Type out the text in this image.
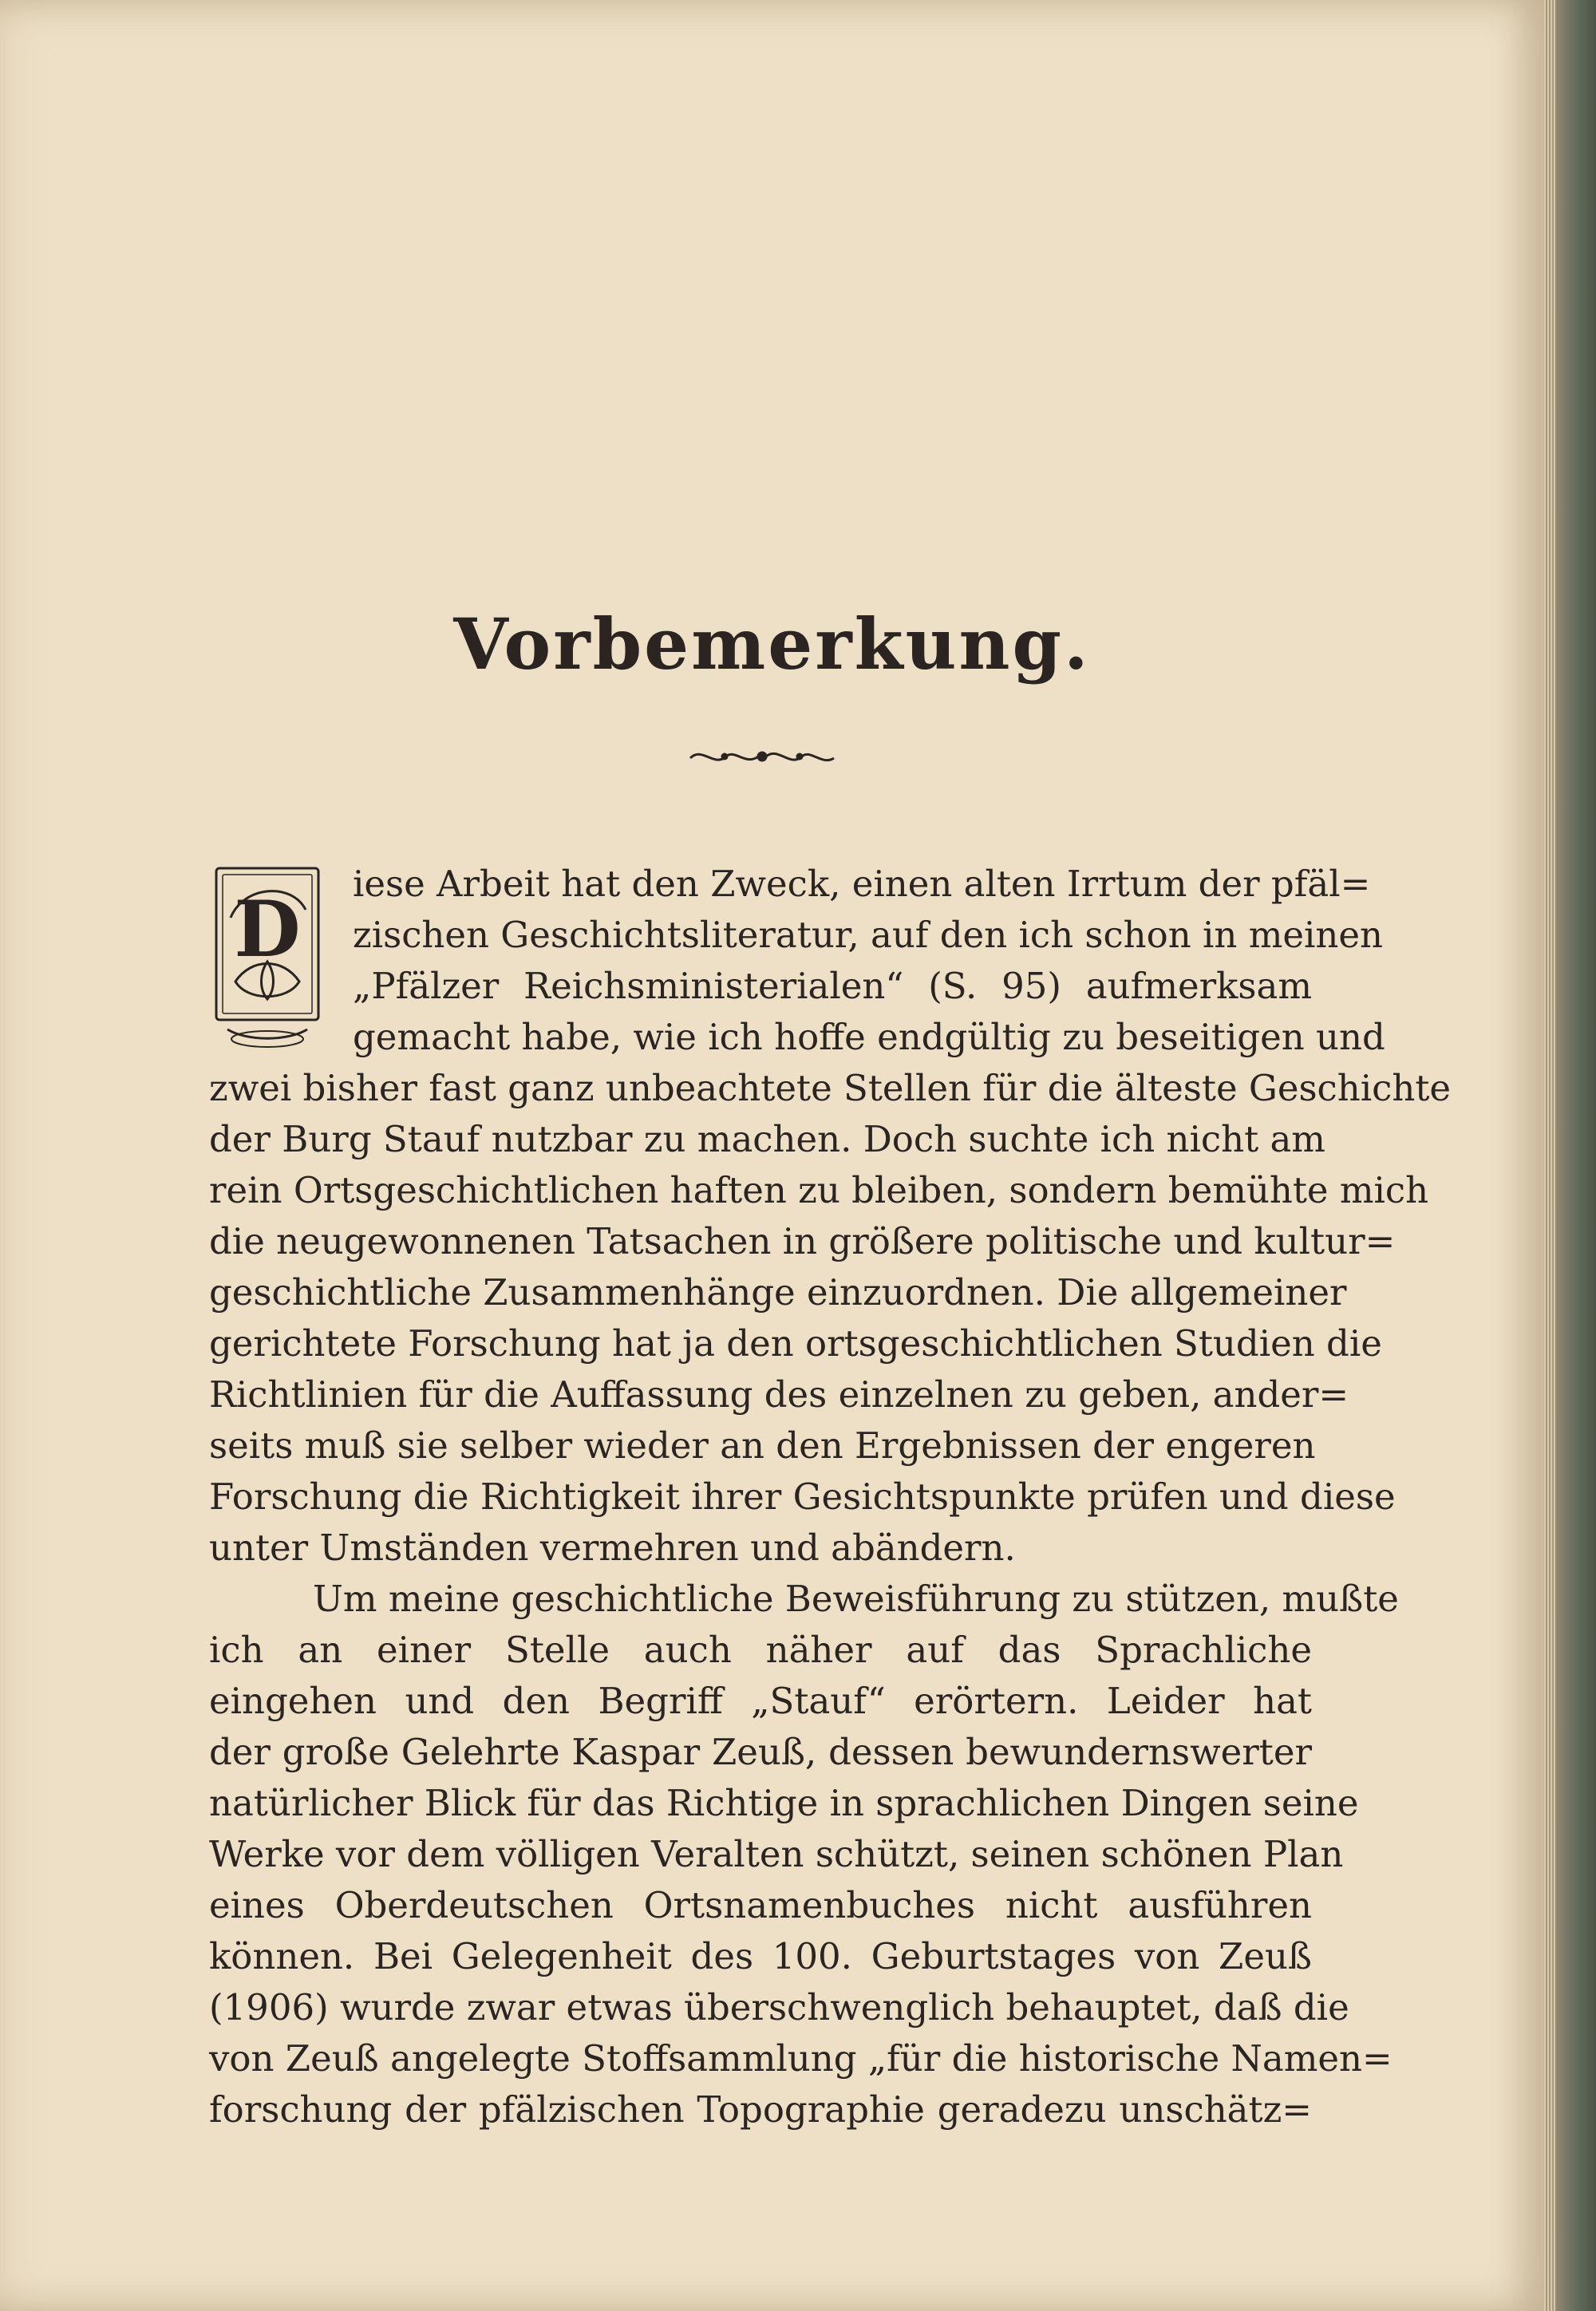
Vorbemerkung.
D
iese Arbeit hat den Zweck, einen alten Irrtum der pfäl=
zischen Geschichtsliteratur, auf den ich schon in meinen
„Pfälzer Reichsministerialen“ (S. 95) aufmerksam
gemacht habe, wie ich hoffe endgültig zu beseitigen und
zwei bisher fast ganz unbeachtete Stellen für die älteste Geschichte
der Burg Stauf nutzbar zu machen. Doch suchte ich nicht am
rein Ortsgeschichtlichen haften zu bleiben, sondern bemühte mich
die neugewonnenen Tatsachen in größere politische und kultur=
geschichtliche Zusammenhänge einzuordnen. Die allgemeiner
gerichtete Forschung hat ja den ortsgeschichtlichen Studien die
Richtlinien für die Auffassung des einzelnen zu geben, ander=
seits muß sie selber wieder an den Ergebnissen der engeren
Forschung die Richtigkeit ihrer Gesichtspunkte prüfen und diese
unter Umständen vermehren und abändern.
Um meine geschichtliche Beweisführung zu stützen, mußte
ich an einer Stelle auch näher auf das Sprachliche
eingehen und den Begriff „Stauf“ erörtern. Leider hat
der große Gelehrte Kaspar Zeuß, dessen bewundernswerter
natürlicher Blick für das Richtige in sprachlichen Dingen seine
Werke vor dem völligen Veralten schützt, seinen schönen Plan
eines Oberdeutschen Ortsnamenbuches nicht ausführen
können. Bei Gelegenheit des 100. Geburtstages von Zeuß
(1906) wurde zwar etwas überschwenglich behauptet, daß die
von Zeuß angelegte Stoffsammlung „für die historische Namen=
forschung der pfälzischen Topographie geradezu unschätz=
